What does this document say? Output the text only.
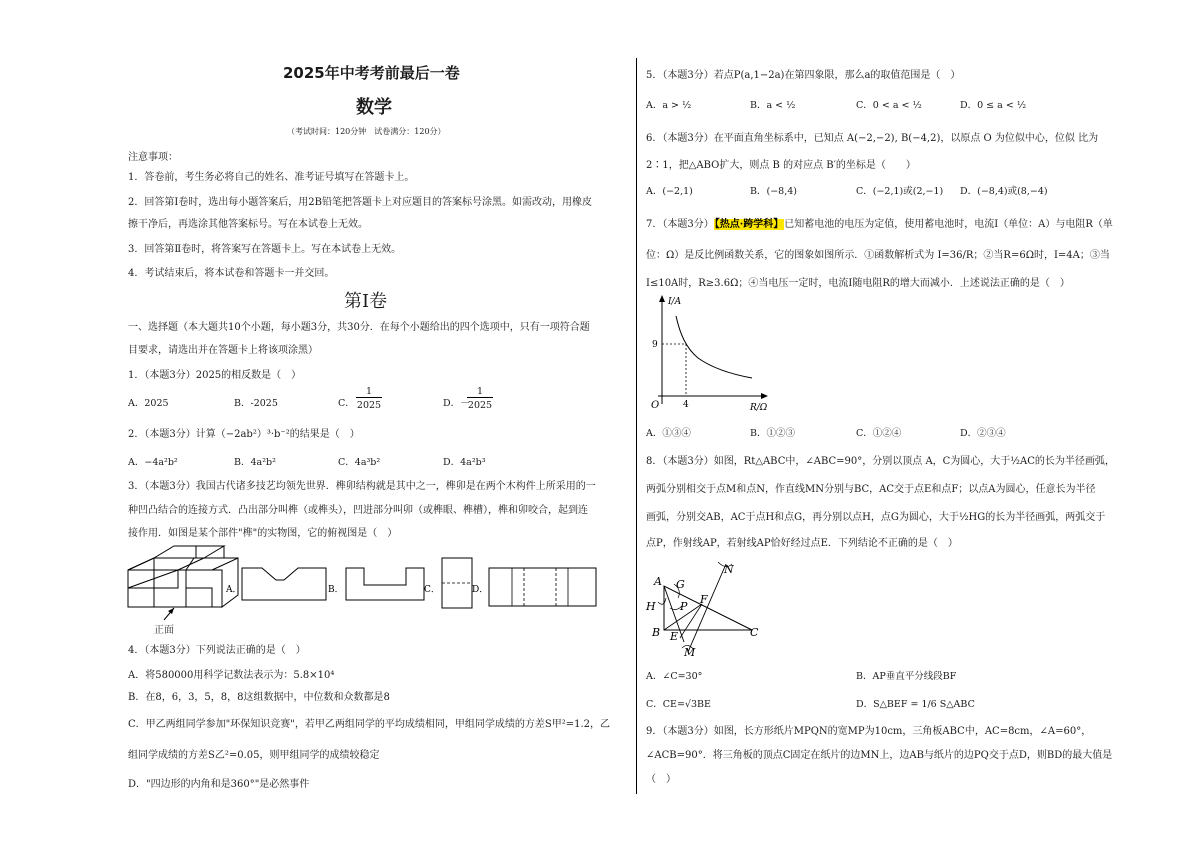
2025年中考考前最后一卷
数学
（考试时间：120分钟　试卷满分：120分）
注意事项：
1．答卷前，考生务必将自己的姓名、准考证号填写在答题卡上。
2．回答第Ⅰ卷时，选出每小题答案后，用2B铅笔把答题卡上对应题目的答案标号涂黑。如需改动，用橡皮
擦干净后，再选涂其他答案标号。写在本试卷上无效。
3．回答第Ⅱ卷时，将答案写在答题卡上。写在本试卷上无效。
4．考试结束后，将本试卷和答题卡一并交回。
第Ⅰ卷
一、选择题（本大题共10个小题，每小题3分，共30分．在每个小题给出的四个选项中，只有一项符合题
目要求，请选出并在答题卡上将该项涂黑）
1．（本题3分）2025的相反数是（　）
A．2025	B．-2025	C．
1
2025	D．－
1
2025
2．（本题3分）计算（−2ab²）³·b⁻²的结果是（　）
A．−4a²b²	B．4a²b²	C．4a³b²	D．4a²b³
3．（本题3分）我国古代诸多技艺均领先世界．榫卯结构就是其中之一，榫卯是在两个木构件上所采用的一
种凹凸结合的连接方式．凸出部分叫榫（或榫头），凹进部分叫卯（或榫眼、榫槽），榫和卯咬合，起到连
接作用．如图是某个部件"榫"的实物图，它的俯视图是（　）
正面
A．	B．	C．	D．
4．（本题3分）下列说法正确的是（　）
A．将580000用科学记数法表示为：5.8×10⁴
B．在8，6，3，5，8，8这组数据中，中位数和众数都是8
C．甲乙两组同学参加"环保知识竞赛"，若甲乙两组同学的平均成绩相同，甲组同学成绩的方差S甲²=1.2，乙
组同学成绩的方差S乙²=0.05，则甲组同学的成绩较稳定
D．"四边形的内角和是360°"是必然事件
5．（本题3分）若点P(a,1−2a)在第四象限，那么a的取值范围是（　）
A．a > ½	B．a < ½	C．0 < a < ½	D．0 ≤ a < ½
6．（本题3分）在平面直角坐标系中，已知点 A(−2,−2), B(−4,2)，以原点 O 为位似中心，位似 比为
2∶1，把△ABO扩大，则点 B 的对应点 B′的坐标是（　　）
A．(−2,1)	B．(−8,4)	C．(−2,1)或(2,−1) D．(−8,4)或(8,−4)
7．（本题3分）【热点·跨学科】已知蓄电池的电压为定值，使用蓄电池时，电流I（单位：A）与电阻R（单
位：Ω）是反比例函数关系，它的图象如图所示．①函数解析式为 I=36/R；②当R=6Ω时，I=4A；③当
I≤10A时，R≥3.6Ω；④当电压一定时，电流I随电阻R的增大而减小．上述说法正确的是（　）
I/A
R/Ω
O
9
4
A．①③④	B．①②③	C．①②④	D．②③④
8．（本题3分）如图，Rt△ABC中，∠ABC=90°，分别以顶点 A，C为圆心，大于½AC的长为半径画弧，
两弧分别相交于点M和点N，作直线MN分别与BC，AC交于点E和点F；以点A为圆心，任意长为半径
画弧，分别交AB，AC于点H和点G，再分别以点H，点G为圆心，大于½HG的长为半径画弧，两弧交于
点P，作射线AP，若射线AP恰好经过点E．下列结论不正确的是（　）
A G
N
H P
F
B E	C
M
A．∠C=30°	B．AP垂直平分线段BF
C．CE=√3BE	D．S△BEF = 1/6 S△ABC
9．（本题3分）如图，长方形纸片MPQN的宽MP为10cm，三角板ABC中，AC=8cm，∠A=60°，
∠ACB=90°．将三角板的顶点C固定在纸片的边MN上，边AB与纸片的边PQ交于点D，则BD的最大值是
（　）
